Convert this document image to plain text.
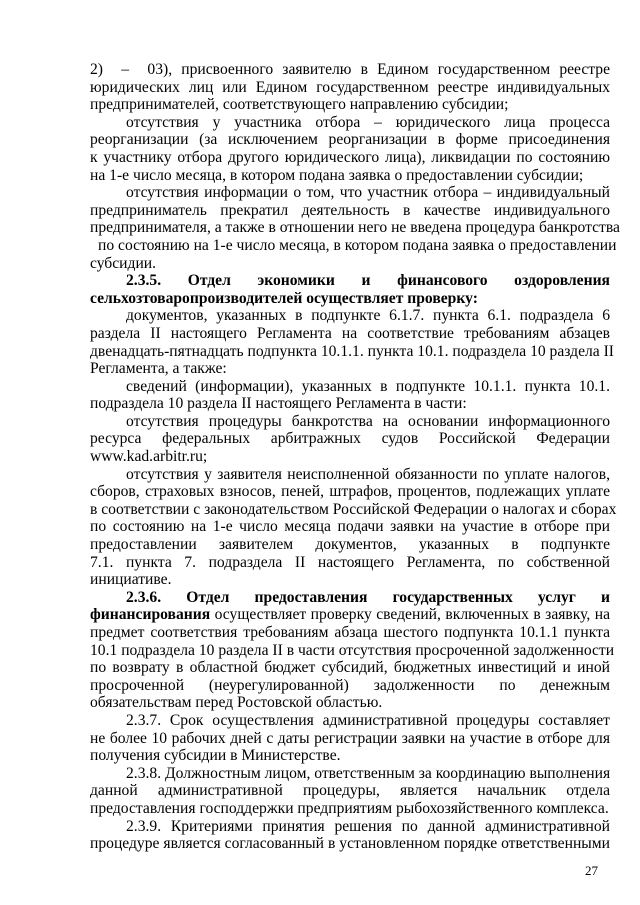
2)  –  03), присвоенного заявителю в Едином государственном реестре
юридических лиц или Едином государственном реестре индивидуальных
предпринимателей, соответствующего направлению субсидии;
отсутствия у участника отбора – юридического лица процесса
реорганизации (за исключением реорганизации в форме присоединения
к участнику отбора другого юридического лица), ликвидации по состоянию
на 1-е число месяца, в котором подана заявка о предоставлении субсидии;
отсутствия информации о том, что участник отбора – индивидуальный
предприниматель прекратил деятельность в качестве индивидуального
предпринимателя, а также в отношении него не введена процедура банкротства
по состоянию на 1-е число месяца, в котором подана заявка о предоставлении
субсидии.
2.3.5. Отдел экономики и финансового оздоровления
сельхозтоваропроизводителей осуществляет проверку:
документов, указанных в подпункте 6.1.7. пункта 6.1. подраздела 6
раздела II настоящего Регламента на соответствие требованиям абзацев
двенадцать-пятнадцать подпункта 10.1.1. пункта 10.1. подраздела 10 раздела II
Регламента, а также:
сведений (информации), указанных в подпункте 10.1.1. пункта 10.1.
подраздела 10 раздела II настоящего Регламента в части:
отсутствия процедуры банкротства на основании информационного
ресурса федеральных арбитражных судов Российской Федерации
www.kad.arbitr.ru;
отсутствия у заявителя неисполненной обязанности по уплате налогов,
сборов, страховых взносов, пеней, штрафов, процентов, подлежащих уплате
в соответствии с законодательством Российской Федерации о налогах и сборах
по состоянию на 1-е число месяца подачи заявки на участие в отборе при
предоставлении заявителем документов, указанных в подпункте
7.1. пункта 7. подраздела II настоящего Регламента, по собственной
инициативе.
2.3.6. Отдел предоставления государственных услуг и
финансирования осуществляет проверку сведений, включенных в заявку, на
предмет соответствия требованиям абзаца шестого подпункта 10.1.1 пункта
10.1 подраздела 10 раздела II в части отсутствия просроченной задолженности
по возврату в областной бюджет субсидий, бюджетных инвестиций и иной
просроченной (неурегулированной) задолженности по денежным
обязательствам перед Ростовской областью.
2.3.7. Срок осуществления административной процедуры составляет
не более 10 рабочих дней с даты регистрации заявки на участие в отборе для
получения субсидии в Министерстве.
2.3.8. Должностным лицом, ответственным за координацию выполнения
данной административной процедуры, является начальник отдела
предоставления господдержки предприятиям рыбохозяйственного комплекса.
2.3.9. Критериями принятия решения по данной административной
процедуре является согласованный в установленном порядке ответственными
27
